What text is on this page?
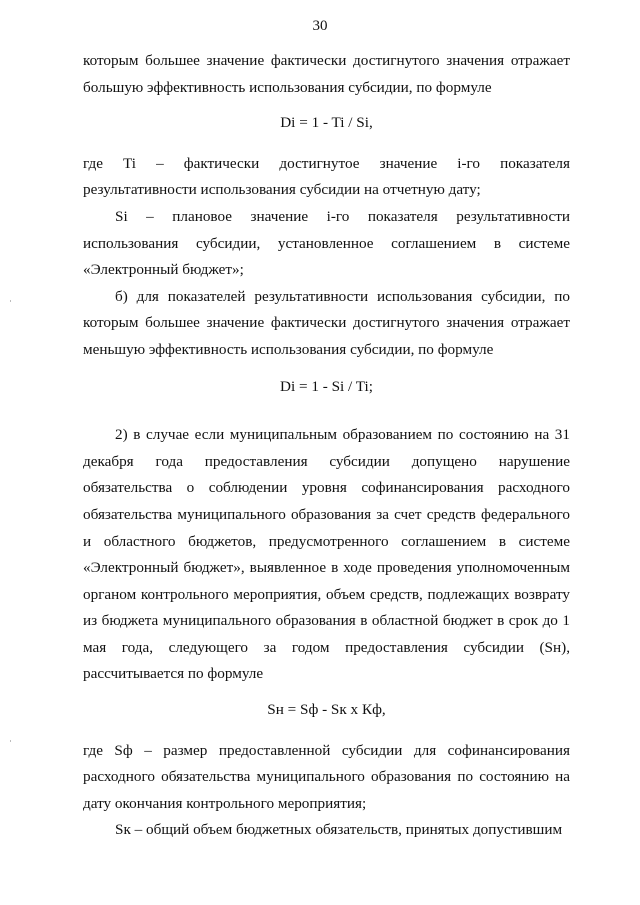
30

которым большее значение фактически достигнутого значения отражает большую эффективность использования субсидии, по формуле

Di = 1 - Ti / Si,

где Ti – фактически достигнутое значение i-го показателя результативности использования субсидии на отчетную дату;

Si – плановое значение i-го показателя результативности использования субсидии, установленное соглашением в системе «Электронный бюджет»;

б) для показателей результативности использования субсидии, по которым большее значение фактически достигнутого значения отражает меньшую эффективность использования субсидии, по формуле

Di = 1 - Si / Ti;

2) в случае если муниципальным образованием по состоянию на 31 декабря года предоставления субсидии допущено нарушение обязательства о соблюдении уровня софинансирования расходного обязательства муниципального образования за счет средств федерального и областного бюджетов, предусмотренного соглашением в системе «Электронный бюджет», выявленное в ходе проведения уполномоченным органом контрольного мероприятия, объем средств, подлежащих возврату из бюджета муниципального образования в областной бюджет в срок до 1 мая года, следующего за годом предоставления субсидии (Sн), рассчитывается по формуле

Sн = Sф - Sк x Кф,

где Sф – размер предоставленной субсидии для софинансирования расходного обязательства муниципального образования по состоянию на дату окончания контрольного мероприятия;

Sк – общий объем бюджетных обязательств, принятых допустившим
